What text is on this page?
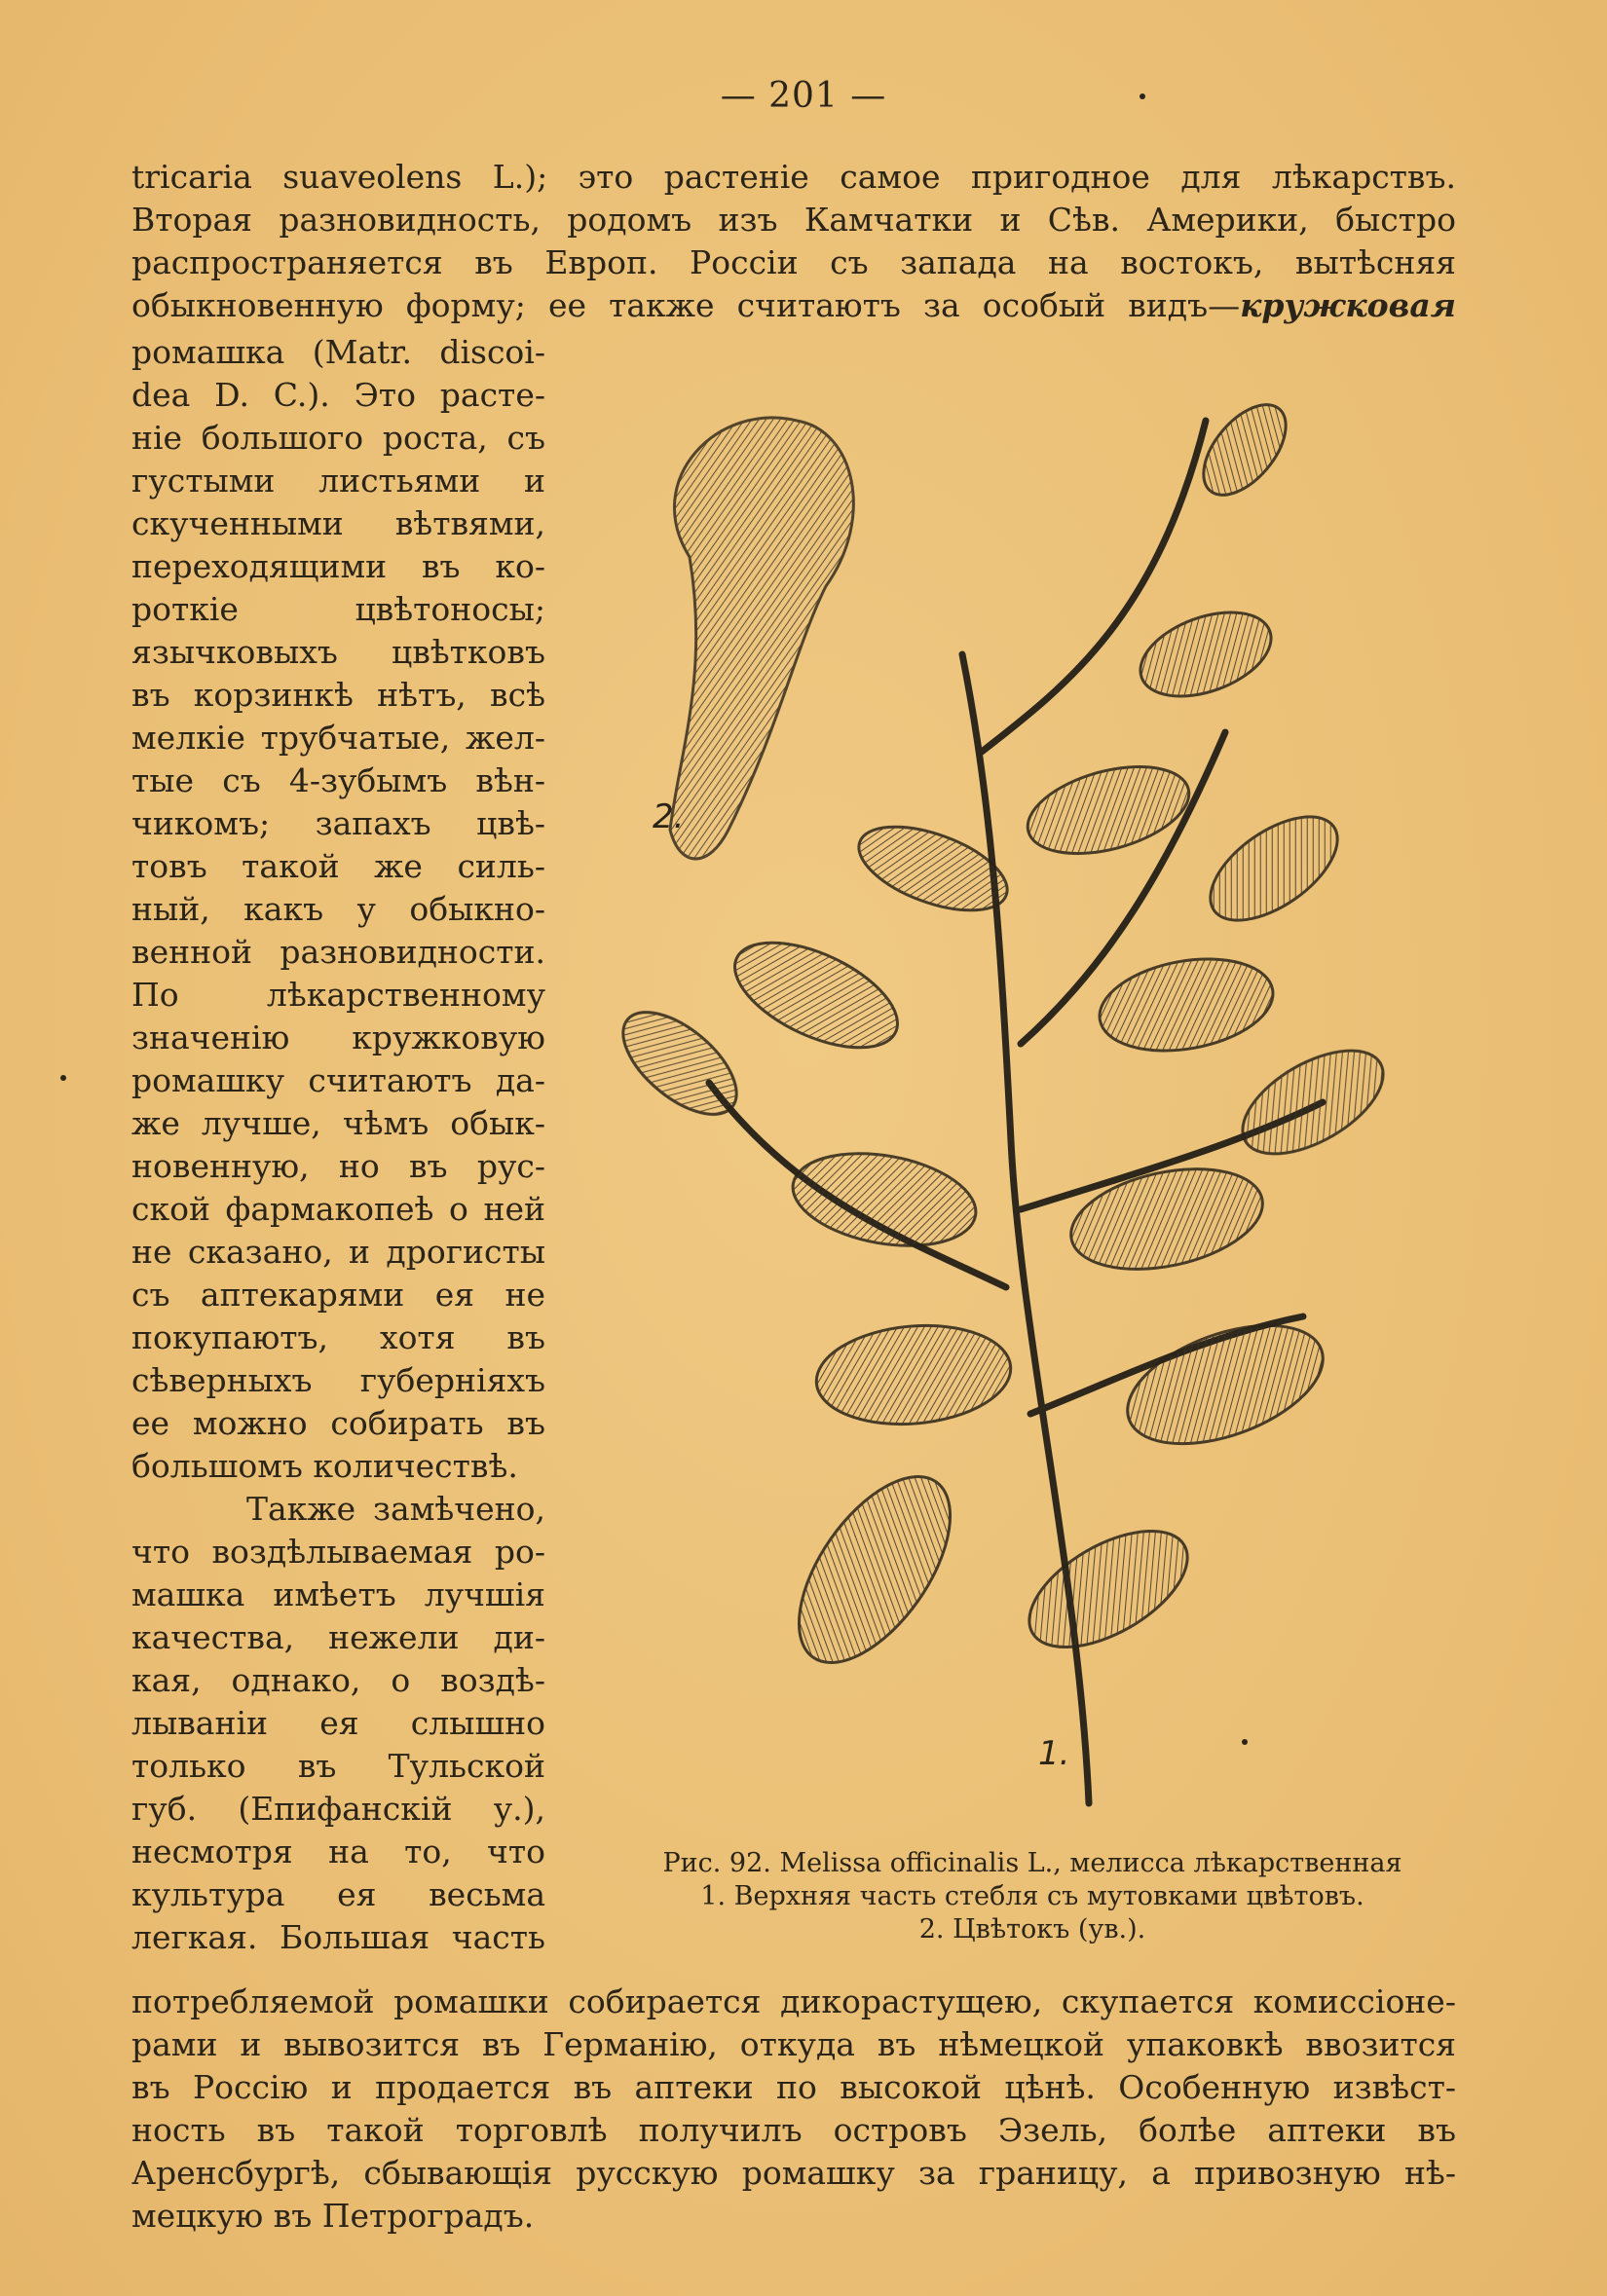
— 201 —
tricaria suaveolens L.); это растеніе самое пригодное для лѣкарствъ.
Вторая разновидность, родомъ изъ Камчатки и Сѣв. Америки, быстро
распространяется въ Европ. Россіи съ запада на востокъ, вытѣсняя
обыкновенную форму; ее также считаютъ за особый видъ—кружковая
ромашка (Маtr. discoi-
dea D. C.). Это расте-
ніе большого роста, съ
густыми листьями и
скученными вѣтвями,
переходящими въ ко-
роткіе цвѣтоносы;
язычковыхъ цвѣтковъ
въ корзинкѣ нѣтъ, всѣ
мелкіе трубчатые, жел-
тые съ 4-зубымъ вѣн-
чикомъ; запахъ цвѣ-
товъ такой же силь-
ный, какъ у обыкно-
венной разновидности.
По лѣкарственному
значенію кружковую
ромашку считаютъ да-
же лучше, чѣмъ обык-
новенную, но въ рус-
ской фармакопеѣ о ней
не сказано, и дрогисты
съ аптекарями ея не
покупаютъ, хотя въ
сѣверныхъ губерніяхъ
ее можно собирать въ
большомъ количествѣ.
Также замѣчено,
что воздѣлываемая ро-
машка имѣетъ лучшія
качества, нежели ди-
кая, однако, о воздѣ-
лываніи ея слышно
только въ Тульской
губ. (Епифанскій у.),
несмотря на то, что
культура ея весьма
легкая. Большая часть
1.
2.
Рис. 92. Melissa officinalis L., мелисса лѣкарственная
1. Верхняя часть стебля съ мутовками цвѣтовъ.
2. Цвѣтокъ (ув.).
потребляемой ромашки собирается дикорастущею, скупается комиссіоне-
рами и вывозится въ Германію, откуда въ нѣмецкой упаковкѣ ввозится
въ Россію и продается въ аптеки по высокой цѣнѣ. Особенную извѣст-
ность въ такой торговлѣ получилъ островъ Эзель, болѣе аптеки въ
Аренсбургѣ, сбывающія русскую ромашку за границу, а привозную нѣ-
мецкую въ Петроградъ.
